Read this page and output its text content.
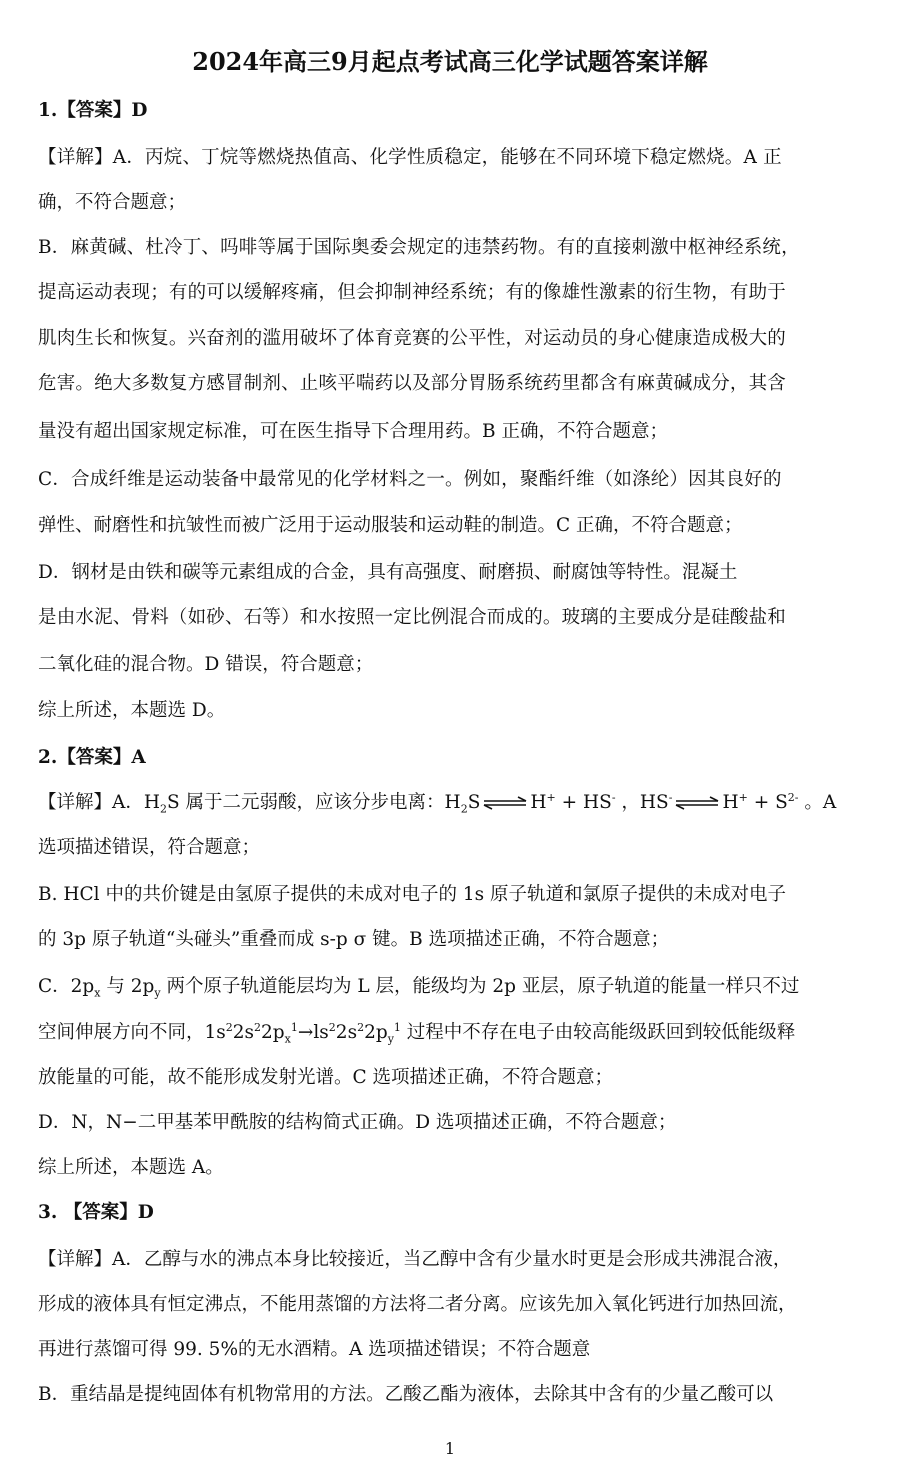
2024年高三9月起点考试高三化学试题答案详解
1.【答案】D
【详解】A．丙烷、丁烷等燃烧热值高、化学性质稳定，能够在不同环境下稳定燃烧。A 正
确，不符合题意；
B．麻黄碱、杜冷丁、吗啡等属于国际奥委会规定的违禁药物。有的直接刺激中枢神经系统，
提高运动表现；有的可以缓解疼痛，但会抑制神经系统；有的像雄性激素的衍生物，有助于
肌肉生长和恢复。兴奋剂的滥用破坏了体育竞赛的公平性，对运动员的身心健康造成极大的
危害。绝大多数复方感冒制剂、止咳平喘药以及部分胃肠系统药里都含有麻黄碱成分，其含
量没有超出国家规定标准，可在医生指导下合理用药。B 正确，不符合题意；
C．合成纤维是运动装备中最常见的化学材料之一。例如，聚酯纤维（如涤纶）因其良好的
弹性、耐磨性和抗皱性而被广泛用于运动服装和运动鞋的制造。C 正确，不符合题意；
D．钢材是由铁和碳等元素组成的合金，具有高强度、耐磨损、耐腐蚀等特性。混凝土
是由水泥、骨料（如砂、石等）和水按照一定比例混合而成的。玻璃的主要成分是硅酸盐和
二氧化硅的混合物。D 错误，符合题意；
综上所述，本题选 D。
2.【答案】A
【详解】A．$H_2S$ 属于二元弱酸，应该分步电离：$H_2S$ ⇌ H+ + HS- ，HS- ⇌ $H^+ + S^{2-}$ 。A
选项描述错误，符合题意；
B. HCl 中的共价键是由氢原子提供的未成对电子的 1s 原子轨道和氯原子提供的未成对电子
的 3p 原子轨道“头碰头”重叠而成 s-p σ 键。B 选项描述正确，不符合题意；
C．$2p_x$ 与 $2p_y$ 两个原子轨道能层均为 L 层，能级均为 2p 亚层，原子轨道的能量一样只不过
空间伸展方向不同，$1s^22s^22p_x^1\to ls^22s^22p_y^1$ 过程中不存在电子由较高能级跃回到较低能级释
放能量的可能，故不能形成发射光谱。C 选项描述正确，不符合题意；
D．N，N−二甲基苯甲酰胺的结构简式正确。D 选项描述正确，不符合题意；
综上所述，本题选 A。
3. 【答案】D
【详解】A．乙醇与水的沸点本身比较接近，当乙醇中含有少量水时更是会形成共沸混合液，
形成的液体具有恒定沸点，不能用蒸馏的方法将二者分离。应该先加入氧化钙进行加热回流，
再进行蒸馏可得 99. 5%的无水酒精。A 选项描述错误；不符合题意
B．重结晶是提纯固体有机物常用的方法。乙酸乙酯为液体，去除其中含有的少量乙酸可以
1
